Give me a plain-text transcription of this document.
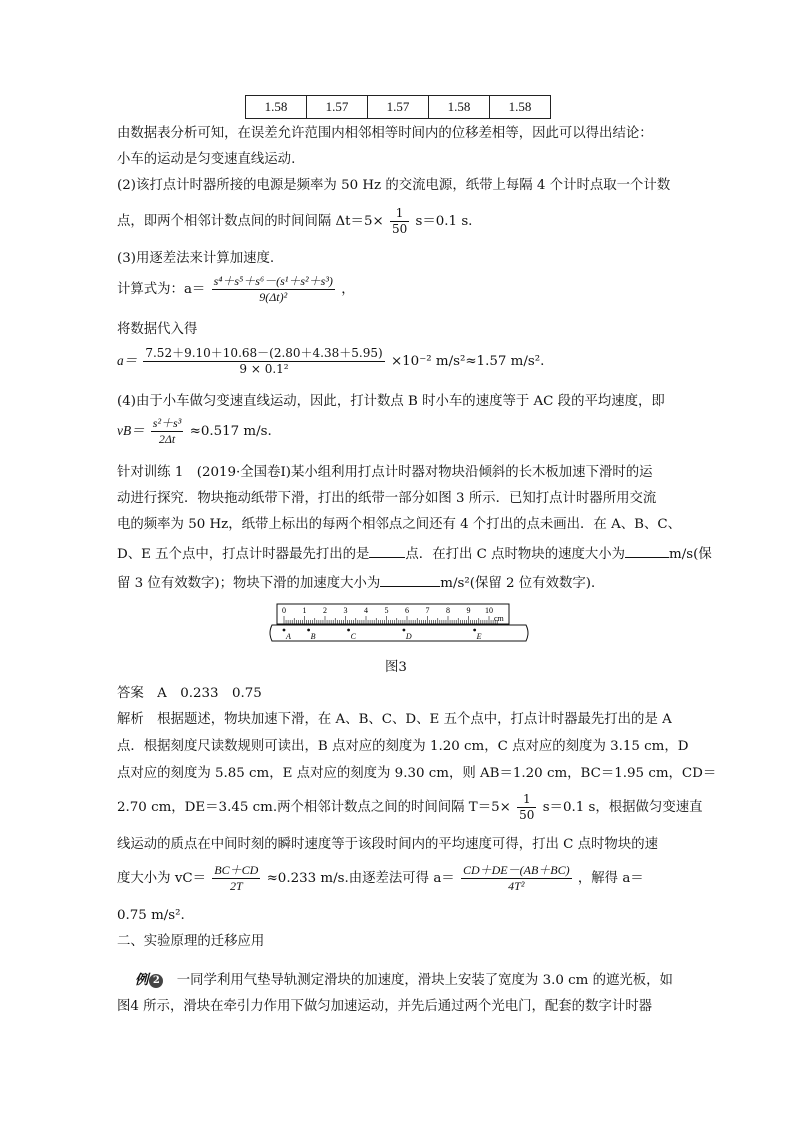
1.58	1.57	1.57	1.58	1.58
由数据表分析可知，在误差允许范围内相邻相等时间内的位移差相等，因此可以得出结论：
小车的运动是匀变速直线运动.
(2)该打点计时器所接的电源是频率为 50 Hz 的交流电源，纸带上每隔 4 个计时点取一个计数
点，即两个相邻计数点间的时间间隔 $\Delta t=5\times \frac{1}{50} s=0.1$ s.
(3)用逐差法来计算加速度.
计算式为：$a= \frac{\text{s⁴＋s⁵＋s⁶－(s¹＋s²＋s³)}}{\text{9(Δt)²}}$ ，
将数据代入得
$a= \frac{7.52+9.10+10.68-(2.80+4.38+5.95)}{\text{9 × 0.1²}} \times 10^{-2}$ m/s²≈1.57 m/s².
(4)由于小车做匀变速直线运动，因此，打计数点 B 时小车的速度等于 AC 段的平均速度，即
$vB= \frac{\text{s²＋s³}}{2\Delta t} \approx 0.517$ m/s.
针对训练 1　(2019·全国卷Ⅰ)某小组利用打点计时器对物块沿倾斜的长木板加速下滑时的运
动进行探究．物块拖动纸带下滑，打出的纸带一部分如图 3 所示．已知打点计时器所用交流
电的频率为 50 Hz，纸带上标出的每两个相邻点之间还有 4 个打出的点未画出．在 A、B、C、
D、E 五个点中，打点计时器最先打出的是	点．在打出 C 点时物块的速度大小为	m/s(保
留 3 位有效数字)；物块下滑的加速度大小为	m/s²(保留 2 位有效数字)．
0 1 2 3 4 5 6 7 8 9 10
A B	C	D	E
cm
图3
答案　A　0.233　0.75
解析　根据题述，物块加速下滑，在 A、B、C、D、E 五个点中，打点计时器最先打出的是 A
点．根据刻度尺读数规则可读出，B 点对应的刻度为 1.20 cm，C 点对应的刻度为 3.15 cm，D
点对应的刻度为 5.85 cm，E 点对应的刻度为 9.30 cm，则 AB＝1.20 cm，BC＝1.95 cm，CD＝
2.70 cm，DE＝3.45 cm.两个相邻计数点之间的时间间隔 $T=5\times \frac{1}{50} s=0.1$ s，根据做匀变速直
线运动的质点在中间时刻的瞬时速度等于该段时间内的平均速度可得，打出 C 点时物块的速
度大小为 $vC= \frac{BC+CD}{2T} \approx 0.233$ m/s.由逐差法可得 $a= \frac{CD+DE-(AB+BC)}{\text{4T²}}$ ，解得 a＝
0.75 m/s².
二、实验原理的迁移应用
例 2　一同学利用气垫导轨测定滑块的加速度，滑块上安装了宽度为 3.0 cm 的遮光板，如
图4 所示，滑块在牵引力作用下做匀加速运动，并先后通过两个光电门，配套的数字计时器
